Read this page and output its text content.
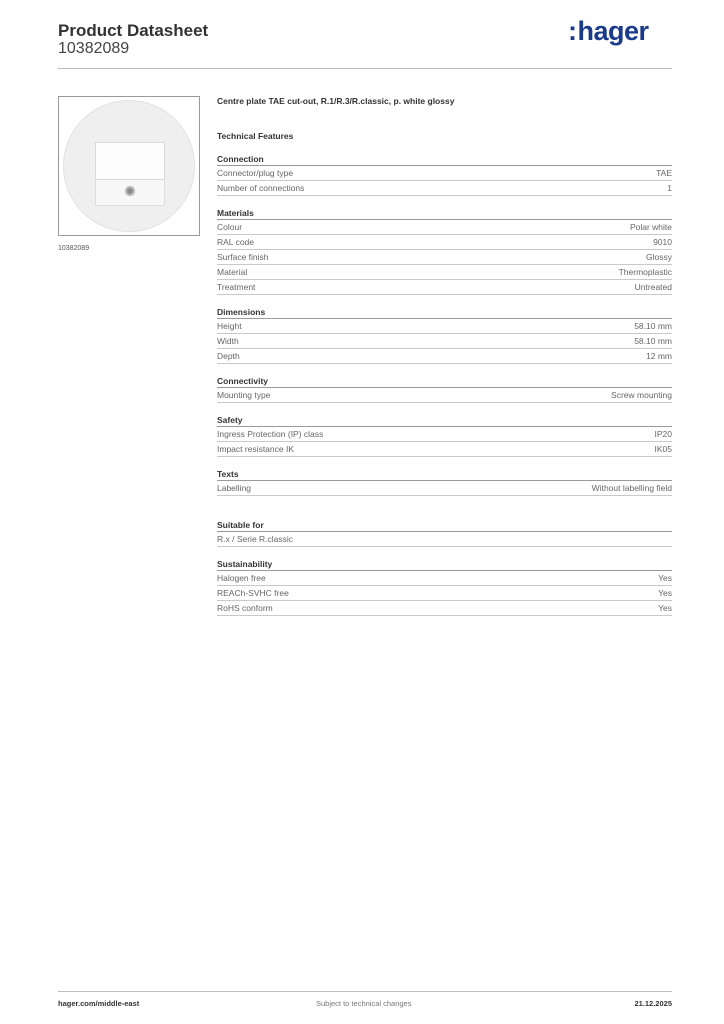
Product Datasheet
10382089
:hager
10382089
Centre plate TAE cut-out, R.1/R.3/R.classic, p. white glossy
Technical Features
Connection
Connector/plug type	TAE
Number of connections	1
Materials
Colour	Polar white
RAL code	9010
Surface finish	Glossy
Material	Thermoplastic
Treatment	Untreated
Dimensions
Height	58.10 mm
Width	58.10 mm
Depth	12 mm
Connectivity
Mounting type	Screw mounting
Safety
Ingress Protection (IP) class	IP20
Impact resistance IK	IK05
Texts
Labelling	Without labelling field
Suitable for
R.x / Serie R.classic
Sustainability
Halogen free	Yes
REACh-SVHC free	Yes
RoHS conform	Yes
hager.com/middle-east	Subject to technical changes	21.12.2025
